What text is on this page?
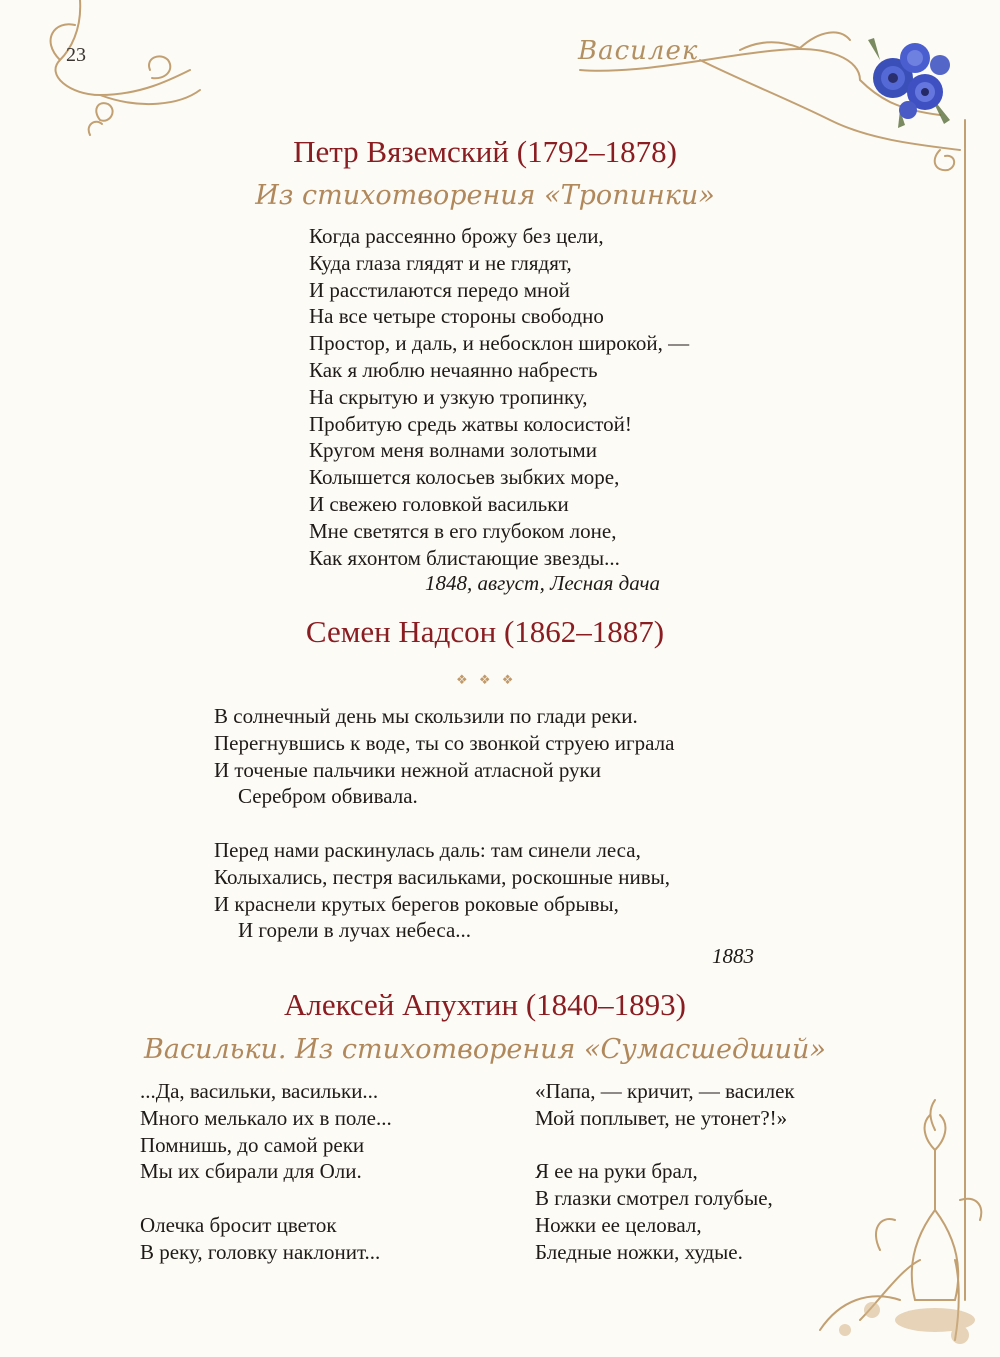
23	Василек
Петр Вяземский (1792–1878)
Из стихотворения «Тропинки»
Когда рассеянно брожу без цели,
Куда глаза глядят и не глядят,
И расстилаются передо мной
На все четыре стороны свободно
Простор, и даль, и небосклон широкой, —
Как я люблю нечаянно набресть
На скрытую и узкую тропинку,
Пробитую средь жатвы колосистой!
Кругом меня волнами золотыми
Колышется колосьев зыбких море,
И свежею головкой васильки
Мне светятся в его глубоком лоне,
Как яхонтом блистающие звезды...
1848, август, Лесная дача
Семен Надсон (1862–1887)
❖ ❖ ❖
В солнечный день мы скользили по глади реки.
Перегнувшись к воде, ты со звонкой струею играла
И точеные пальчики нежной атласной руки
Серебром обвивала.
Перед нами раскинулась даль: там синели леса,
Колыхались, пестря васильками, роскошные нивы,
И краснели крутых берегов роковые обрывы,
И горели в лучах небеса...
1883
Алексей Апухтин (1840–1893)
Васильки. Из стихотворения «Сумасшедший»
...Да, васильки, васильки...
Много мелькало их в поле...
Помнишь, до самой реки
Мы их сбирали для Оли.
Олечка бросит цветок
В реку, головку наклонит...
«Папа, — кричит, — василек
Мой поплывет, не утонет?!»
Я ее на руки брал,
В глазки смотрел голубые,
Ножки ее целовал,
Бледные ножки, худые.
